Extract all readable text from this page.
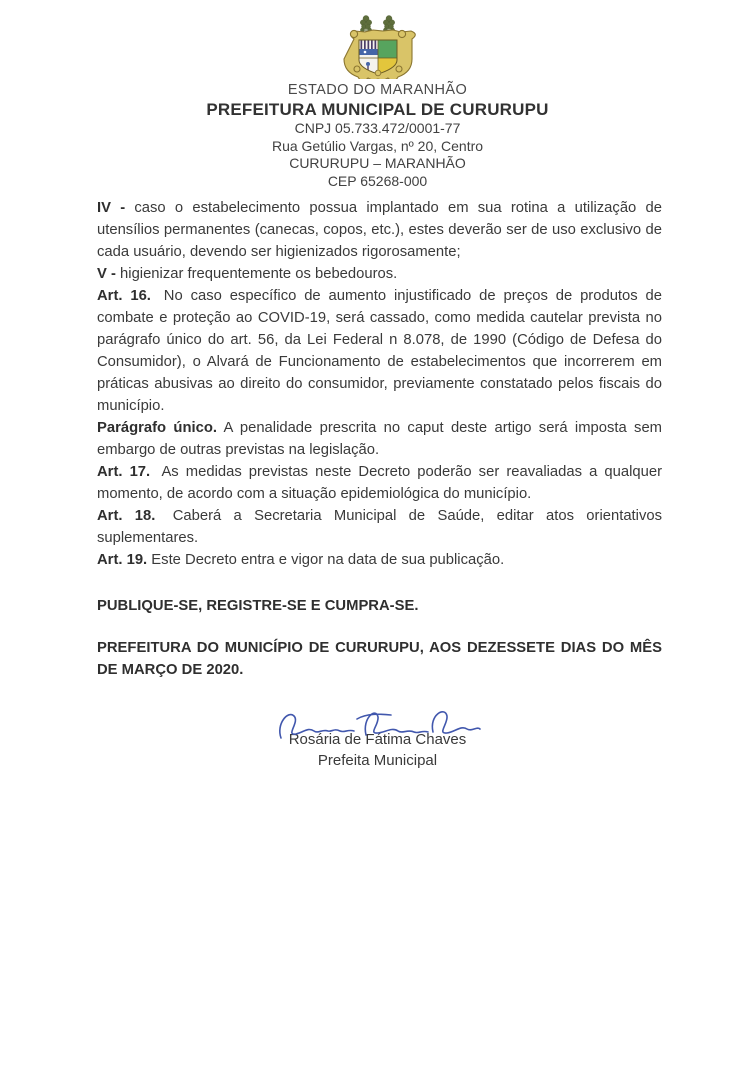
ESTADO DO MARANHÃO
PREFEITURA MUNICIPAL DE CURURUPU
CNPJ 05.733.472/0001-77
Rua Getúlio Vargas, nº 20, Centro
CURURUPU – MARANHÃO
CEP 65268-000

IV - caso o estabelecimento possua implantado em sua rotina a utilização de utensílios permanentes (canecas, copos, etc.), estes deverão ser de uso exclusivo de cada usuário, devendo ser higienizados rigorosamente;

V - higienizar frequentemente os bebedouros.

Art. 16. No caso específico de aumento injustificado de preços de produtos de combate e proteção ao COVID-19, será cassado, como medida cautelar prevista no parágrafo único do art. 56, da Lei Federal n 8.078, de 1990 (Código de Defesa do Consumidor), o Alvará de Funcionamento de estabelecimentos que incorrerem em práticas abusivas ao direito do consumidor, previamente constatado pelos fiscais do município.

Parágrafo único. A penalidade prescrita no caput deste artigo será imposta sem embargo de outras previstas na legislação.

Art. 17. As medidas previstas neste Decreto poderão ser reavaliadas a qualquer momento, de acordo com a situação epidemiológica do município.

Art. 18. Caberá a Secretaria Municipal de Saúde, editar atos orientativos suplementares.

Art. 19. Este Decreto entra e vigor na data de sua publicação.

PUBLIQUE-SE, REGISTRE-SE E CUMPRA-SE.

PREFEITURA DO MUNICÍPIO DE CURURUPU, AOS DEZESSETE DIAS DO MÊS DE MARÇO DE 2020.

Rosária de Fátima Chaves
Prefeita Municipal
